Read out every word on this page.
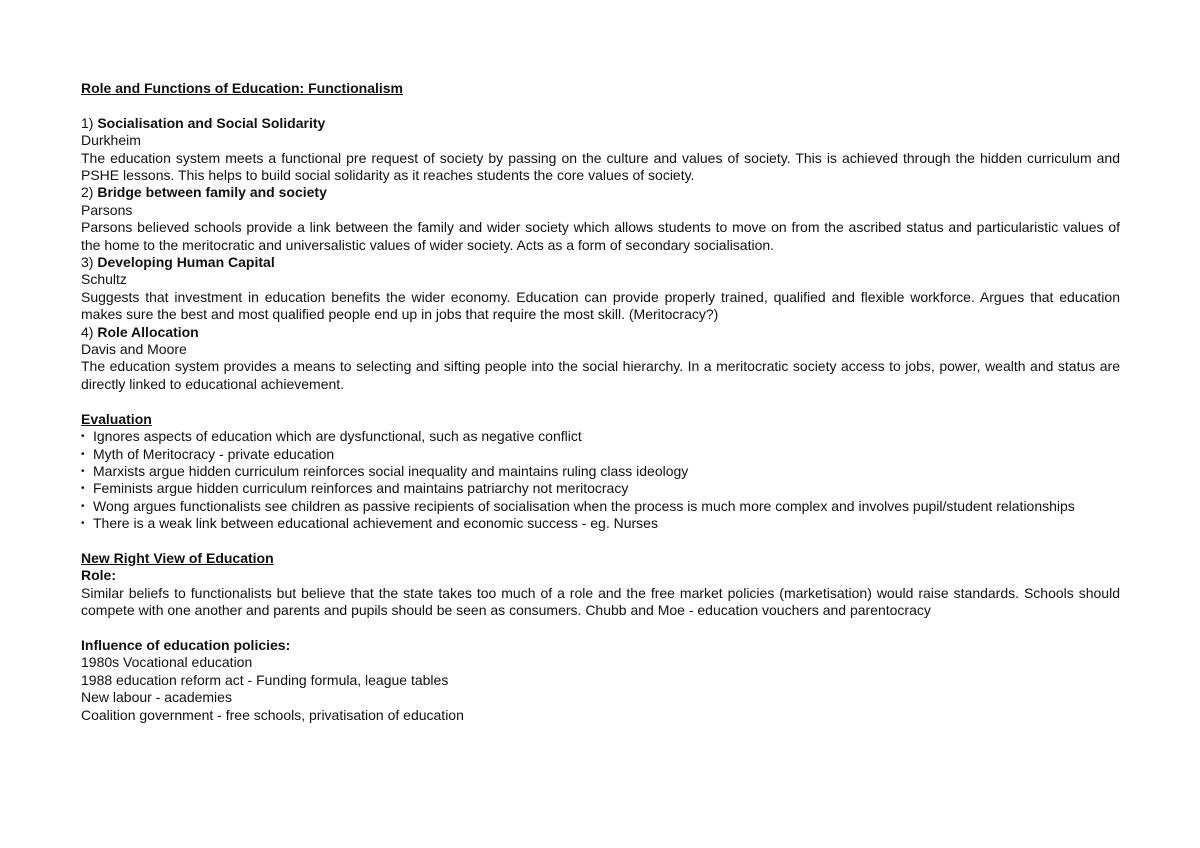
Role and Functions of Education: Functionalism
1) Socialisation and Social Solidarity
Durkheim
The education system meets a functional pre request of society by passing on the culture and values of society. This is achieved through the hidden curriculum and PSHE lessons. This helps to build social solidarity as it reaches students the core values of society.
2) Bridge between family and society
Parsons
Parsons believed schools provide a link between the family and wider society which allows students to move on from the ascribed status and particularistic values of the home to the meritocratic and universalistic values of wider society. Acts as a form of secondary socialisation.
3) Developing Human Capital
Schultz
Suggests that investment in education benefits the wider economy. Education can provide properly trained, qualified and flexible workforce. Argues that education makes sure the best and most qualified people end up in jobs that require the most skill. (Meritocracy?)
4) Role Allocation
Davis and Moore
The education system provides a means to selecting and sifting people into the social hierarchy. In a meritocratic society access to jobs, power, wealth and status are directly linked to educational achievement.
Evaluation
• Ignores aspects of education which are dysfunctional, such as negative conflict
• Myth of Meritocracy - private education
• Marxists argue hidden curriculum reinforces social inequality and maintains ruling class ideology
• Feminists argue hidden curriculum reinforces and maintains patriarchy not meritocracy
• Wong argues functionalists see children as passive recipients of socialisation when the process is much more complex and involves pupil/student relationships
• There is a weak link between educational achievement and economic success - eg. Nurses
New Right View of Education
Role:
Similar beliefs to functionalists but believe that the state takes too much of a role and the free market policies (marketisation) would raise standards. Schools should compete with one another and parents and pupils should be seen as consumers. Chubb and Moe - education vouchers and parentocracy
Influence of education policies:
1980s Vocational education
1988 education reform act - Funding formula, league tables
New labour - academies
Coalition government - free schools, privatisation of education
